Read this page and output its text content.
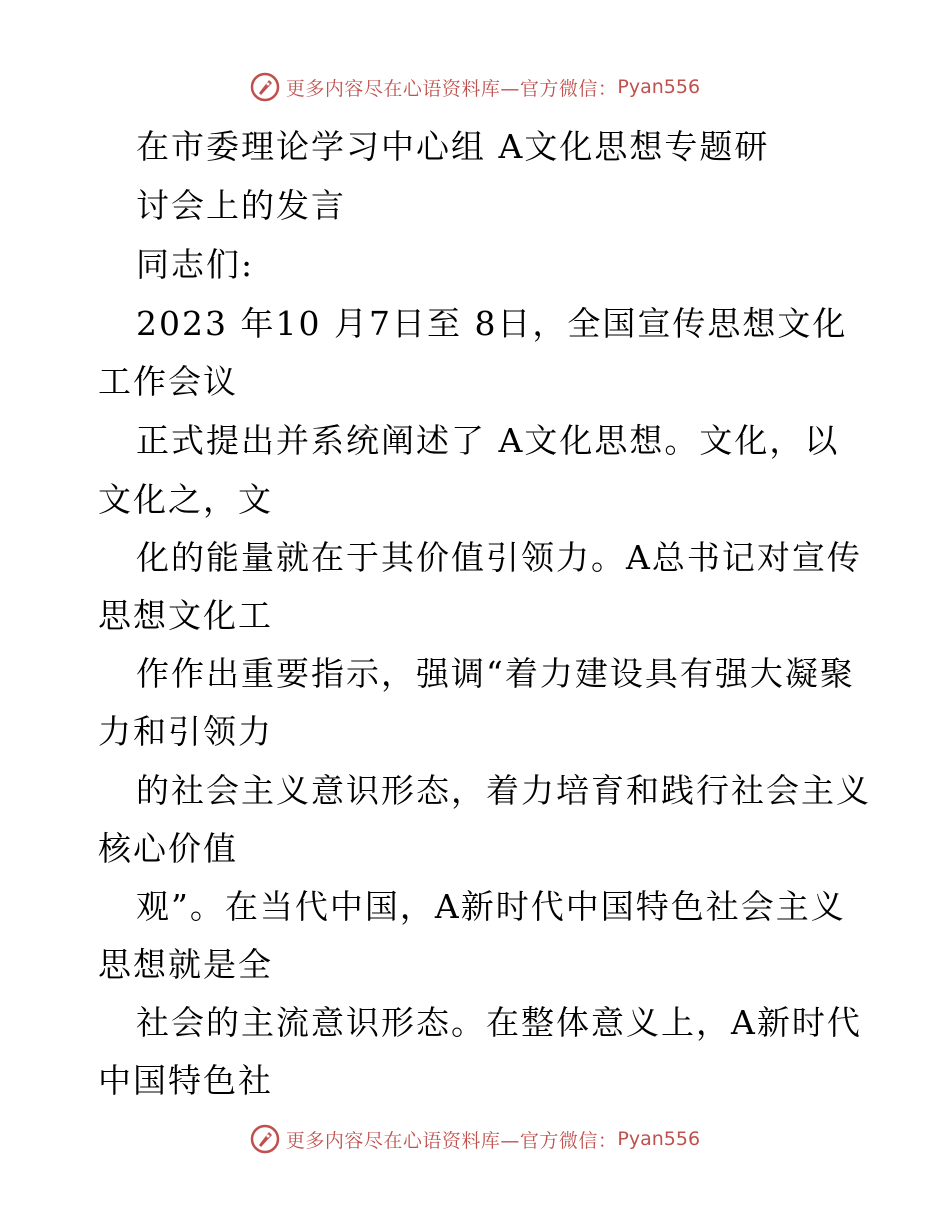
更多内容尽在心语资料库—官方微信： Pyan556
在市委理论学习中心组 A文化思想专题研
讨会上的发言
同志们:
2023 年10 月7日至 8日，全国宣传思想文化
工作会议
正式提出并系统阐述了 A文化思想。文化，以
文化之，文
化的能量就在于其价值引领力。A总书记对宣传
思想文化工
作作出重要指示，强调“着力建设具有强大凝聚
力和引领力
的社会主义意识形态，着力培育和践行社会主义
核心价值
观”。在当代中国，A新时代中国特色社会主义
思想就是全
社会的主流意识形态。在整体意义上，A新时代
中国特色社
更多内容尽在心语资料库—官方微信： Pyan556
